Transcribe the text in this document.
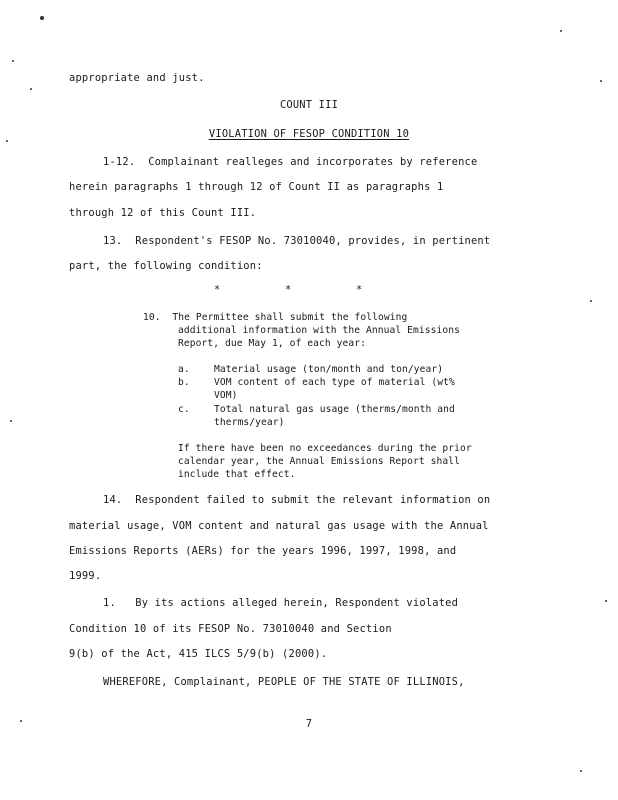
appropriate and just.
COUNT III
VIOLATION OF FESOP CONDITION 10
1-12.  Complainant realleges and incorporates by reference
herein paragraphs 1 through 12 of Count II as paragraphs 1
through 12 of this Count III.
13.  Respondent's FESOP No. 73010040, provides, in pertinent
part, the following condition:
*          *          *
10.  The Permittee shall submit the following
additional information with the Annual Emissions
Report, due May 1, of each year:
a.	Material usage (ton/month and ton/year)
b.	VOM content of each type of material (wt%
VOM)
c.	Total natural gas usage (therms/month and
therms/year)
If there have been no exceedances during the prior
calendar year, the Annual Emissions Report shall
include that effect.
14.  Respondent failed to submit the relevant information on
material usage, VOM content and natural gas usage with the Annual
Emissions Reports (AERs) for the years 1996, 1997, 1998, and
1999.
1.   By its actions alleged herein, Respondent violated
Condition 10 of its FESOP No. 73010040 and Section
9(b) of the Act, 415 ILCS 5/9(b) (2000).
WHEREFORE, Complainant, PEOPLE OF THE STATE OF ILLINOIS,
7
